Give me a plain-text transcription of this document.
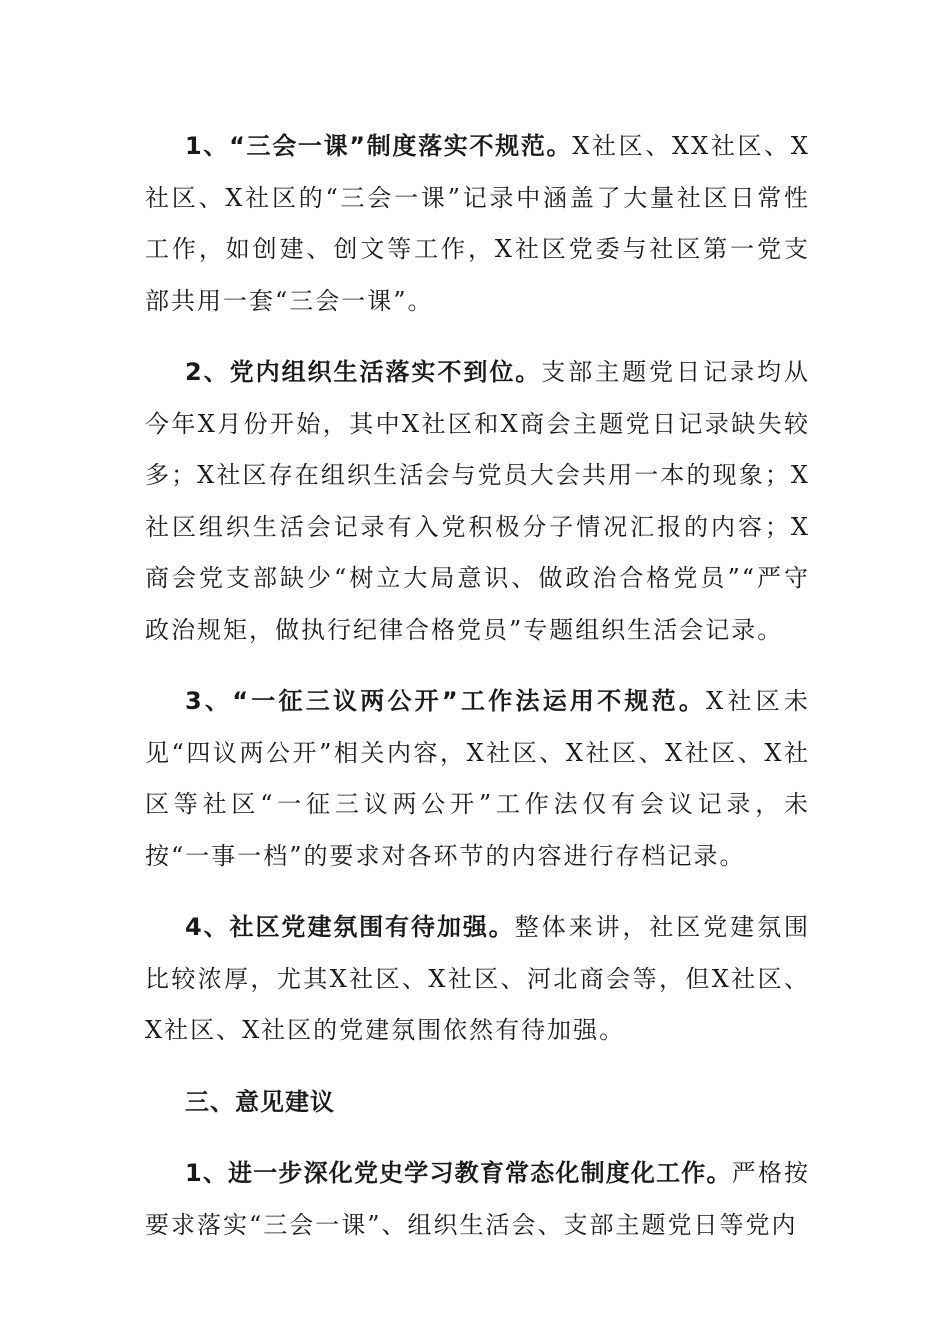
1、“三会一课”制度落实不规范。X社区、XX社区、X社区、X社区的“三会一课”记录中涵盖了大量社区日常性工作，如创建、创文等工作，X社区党委与社区第一党支部共用一套“三会一课”。

2、党内组织生活落实不到位。支部主题党日记录均从今年X月份开始，其中X社区和X商会主题党日记录缺失较多；X社区存在组织生活会与党员大会共用一本的现象；X社区组织生活会记录有入党积极分子情况汇报的内容；X商会党支部缺少“树立大局意识、做政治合格党员”“严守政治规矩，做执行纪律合格党员”专题组织生活会记录。

3、“一征三议两公开”工作法运用不规范。X社区未见“四议两公开”相关内容，X社区、X社区、X社区、X社区等社区“一征三议两公开”工作法仅有会议记录，未按“一事一档”的要求对各环节的内容进行存档记录。

4、社区党建氛围有待加强。整体来讲，社区党建氛围比较浓厚，尤其X社区、X社区、河北商会等，但X社区、X社区、X社区的党建氛围依然有待加强。

三、意见建议

1、进一步深化党史学习教育常态化制度化工作。严格按要求落实“三会一课”、组织生活会、支部主题党日等党内
